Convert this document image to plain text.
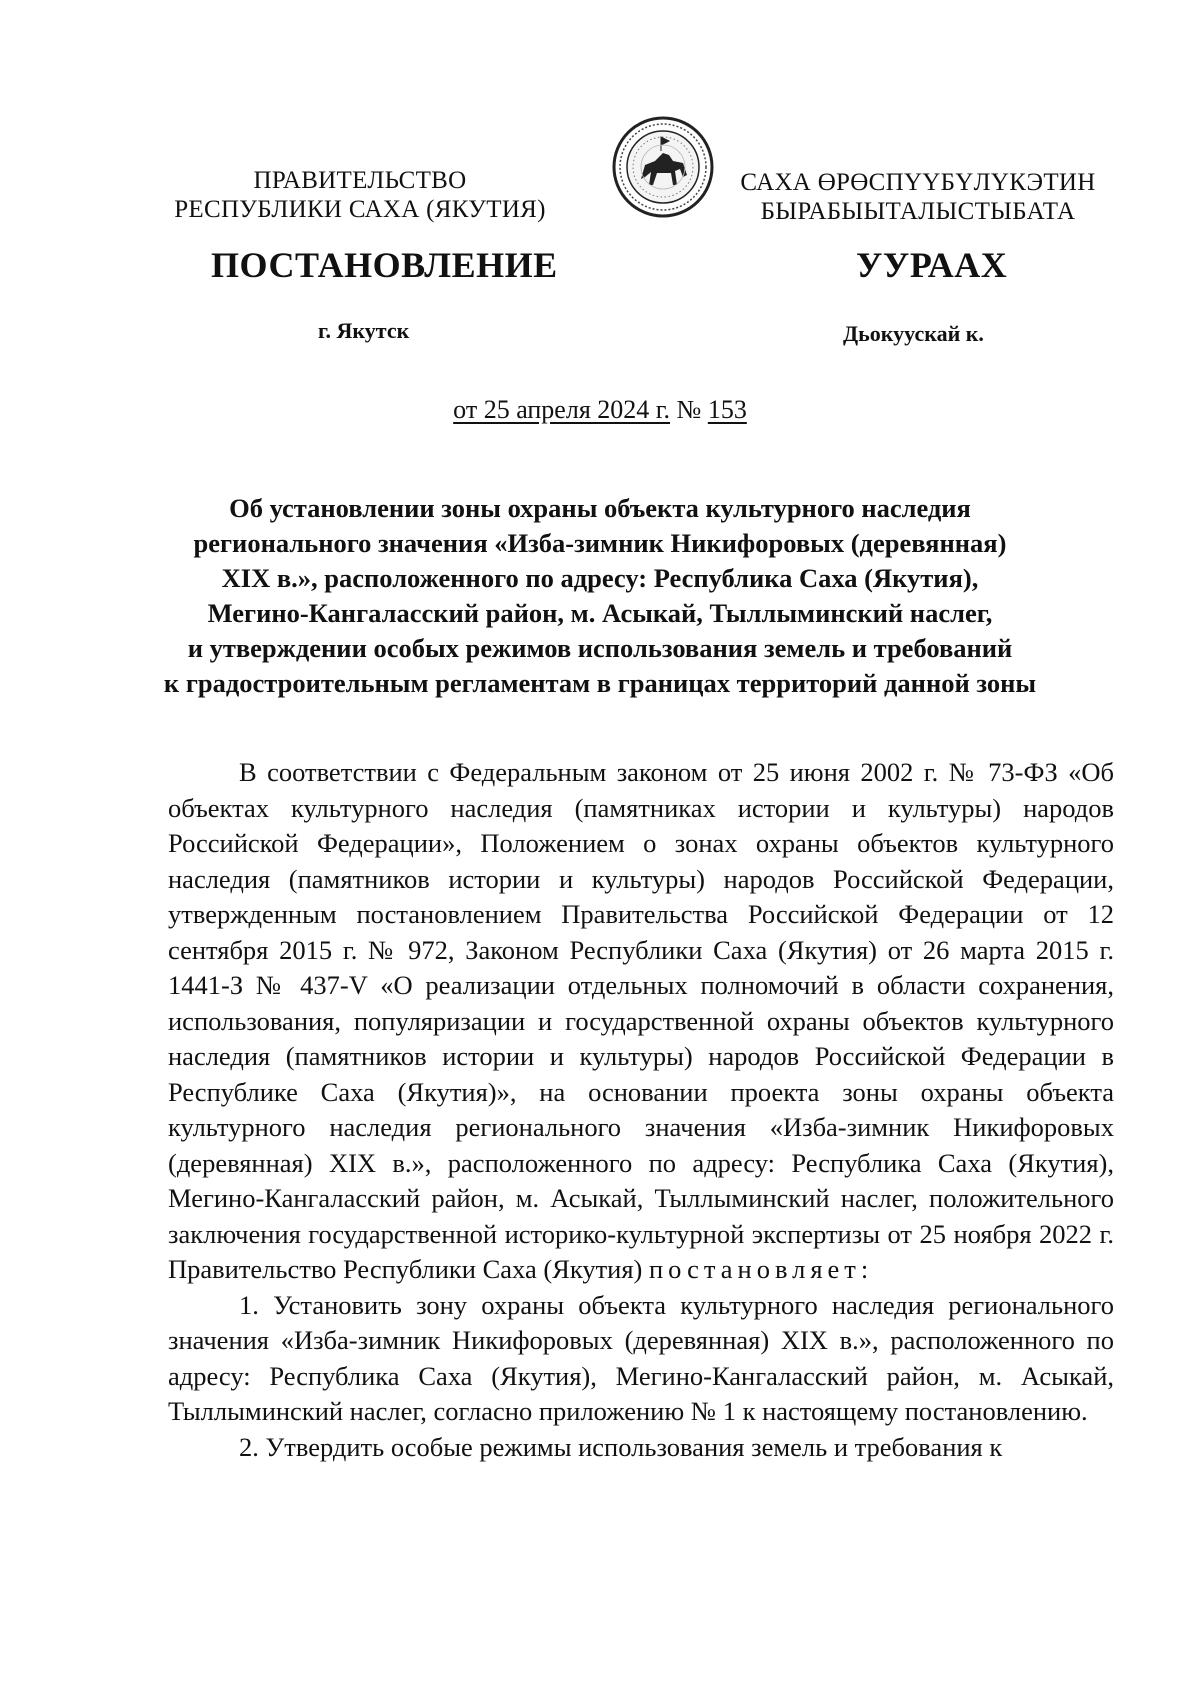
ПРАВИТЕЛЬСТВО
РЕСПУБЛИКИ САХА (ЯКУТИЯ)
САХА ӨРӨСПҮҮБҮЛҮКЭТИН
БЫРАБЫЫТАЛЫСТЫБАТА
ПОСТАНОВЛЕНИЕ	УУРААХ
г. Якутск	Дьокуускай к.
от 25 апреля 2024 г. № 153
Об установлении зоны охраны объекта культурного наследия
регионального значения «Изба-зимник Никифоровых (деревянная)
XIX в.», расположенного по адресу: Республика Саха (Якутия),
Мегино-Кангаласский район, м. Асыкай, Тыллыминский наслег,
и утверждении особых режимов использования земель и требований
к градостроительным регламентам в границах территорий данной зоны

В соответствии с Федеральным законом от 25 июня 2002 г. № 73-ФЗ «Об объектах культурного наследия (памятниках истории и культуры) народов Российской Федерации», Положением о зонах охраны объектов культурного наследия (памятников истории и культуры) народов Российской Федерации, утвержденным постановлением Правительства Российской Федерации от 12 сентября 2015 г. № 972, Законом Республики Саха (Якутия) от 26 марта 2015 г. 1441-З № 437-V «О реализации отдельных полномочий в области сохранения, использования, популяризации и государственной охраны объектов культурного наследия (памятников истории и культуры) народов Российской Федерации в Республике Саха (Якутия)», на основании проекта зоны охраны объекта культурного наследия регионального значения «Изба-зимник Никифоровых (деревянная) XIX в.», расположенного по адресу: Республика Саха (Якутия), Мегино-Кангаласский район, м. Асыкай, Тыллыминский наслег, положительного заключения государственной историко-культурной экспертизы от 25 ноября 2022 г. Правительство Республики Саха (Якутия) постановляет:

1. Установить зону охраны объекта культурного наследия регионального значения «Изба-зимник Никифоровых (деревянная) XIX в.», расположенного по адресу: Республика Саха (Якутия), Мегино-Кангаласский район, м. Асыкай, Тыллыминский наслег, согласно приложению № 1 к настоящему постановлению.

2. Утвердить особые режимы использования земель и требования к
